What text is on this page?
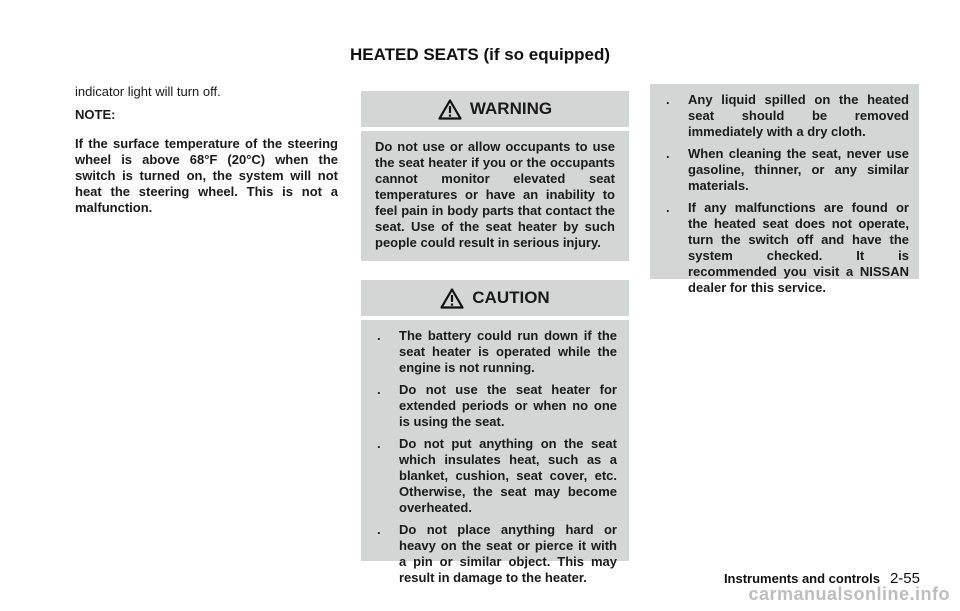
HEATED SEATS (if so equipped)

indicator light will turn off.

NOTE:

If the surface temperature of the steering wheel is above 68°F (20°C) when the switch is turned on, the system will not heat the steering wheel. This is not a malfunction.

WARNING
Do not use or allow occupants to use the seat heater if you or the occupants cannot monitor elevated seat temperatures or have an inability to feel pain in body parts that contact the seat. Use of the seat heater by such people could result in serious injury.
CAUTION
. The battery could run down if the seat heater is operated while the engine is not running.
. Do not use the seat heater for extended periods or when no one is using the seat.
. Do not put anything on the seat which insulates heat, such as a blanket, cushion, seat cover, etc. Otherwise, the seat may become overheated.
. Do not place anything hard or heavy on the seat or pierce it with a pin or similar object. This may result in damage to the heater.
. Any liquid spilled on the heated seat should be removed immediately with a dry cloth.
. When cleaning the seat, never use gasoline, thinner, or any similar materials.
. If any malfunctions are found or the heated seat does not operate, turn the switch off and have the system checked. It is recommended you visit a NISSAN dealer for this service.
Instruments and controls 2-55
carmanualsonline.info
